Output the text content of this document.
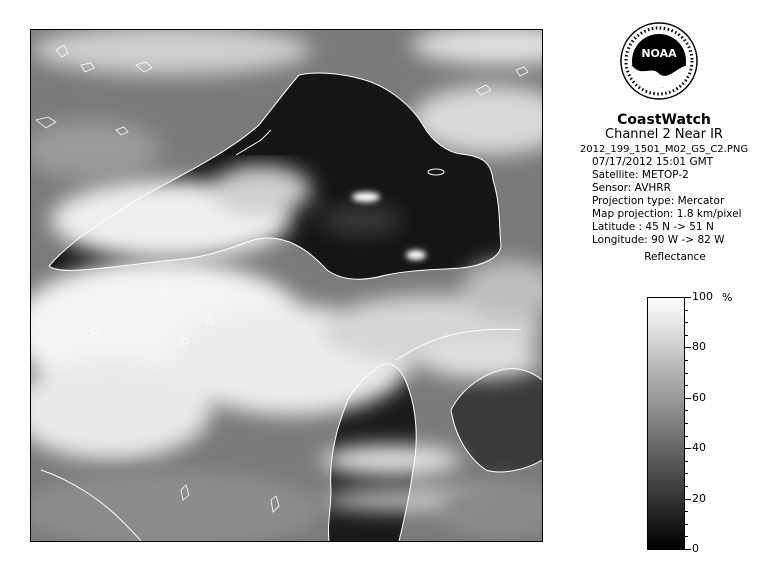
NOAA
CoastWatch
Channel 2 Near IR
2012_199_1501_M02_GS_C2.PNG
07/17/2012 15:01 GMT
Satellite: METOP-2
Sensor: AVHRR
Projection type: Mercator
Map projection: 1.8 km/pixel
Latitude : 45 N -> 51 N
Longitude: 90 W -> 82 W
Reflectance
0
20
40
60
80
100 %
